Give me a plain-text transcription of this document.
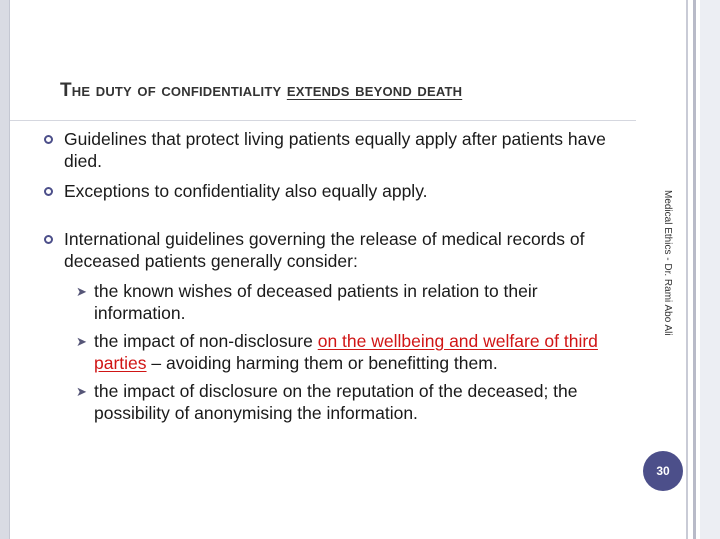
The duty of confidentiality extends beyond death
Guidelines that protect living patients equally apply after patients have died.
Exceptions to confidentiality also equally apply.
International guidelines governing the release of medical records of deceased patients generally consider:
➤ the known wishes of deceased patients in relation to their information.
➤ the impact of non-disclosure on the wellbeing and welfare of third parties – avoiding harming them or benefitting them.
➤ the impact of disclosure on the reputation of the deceased; the possibility of anonymising the information.
Medical Ethics - Dr. Rami Abo Ali
30
